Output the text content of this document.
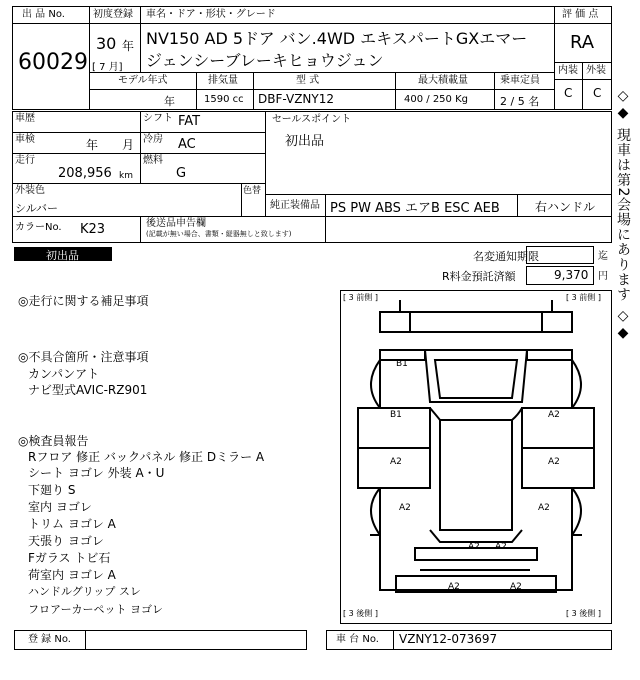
出 品 No.
60029
初度登録
30 年
[ 7 月]
車名・ドア・形状・グレード
NV150 AD 5ドア バン.4WD エキスパートGXエマー
ジェンシーブレーキヒョウジュン
評 価 点
RA
内装 外装
C C
モデル年式
年
排気量
1590 cc
型 式
DBF-VZNY12
最大積載量
400 / 250 Kg
乗車定員
2 / 5 名
車歴	シフト FAT
車検	年 月 冷房 AC
走行
208,956 km
燃料
G
外装色
シルバー
色替
カラーNo. K23	後送品申告欄
(記載が無い場合、書類・縦器無しと致します)
セールスポイント
初出品
純正装備品 PS PW ABS エアB ESC AEB	右ハンドル
初出品	名変通知期限	迄
R料金預託済額	9,370 円 ◇◆ 現車は第2会場にあります ◇◆
◎走行に関する補足事項
◎不具合箇所・注意事項
カンパンアト
ナビ型式AVIC-RZ901
◎検査員報告
Rフロア 修正 バックパネル 修正 Dミラー A
シート ヨゴレ 外装 A・U
下廻り S
室内 ヨゴレ
トリム ヨゴレ A
天張り ヨゴレ
Fガラス トビ石
荷室内 ヨゴレ A
ハンドルグリップ スレ
フロアーカーペット ヨゴレ
[ 3 前側 ]	[ 3 前側 ]
[ 3 後側 ]	[ 3 後側 ]
B1
B1	A2
A2	A2
A2	A2
A2 A2
A2	A2
登 録 No.	車 台 No. VZNY12-073697
